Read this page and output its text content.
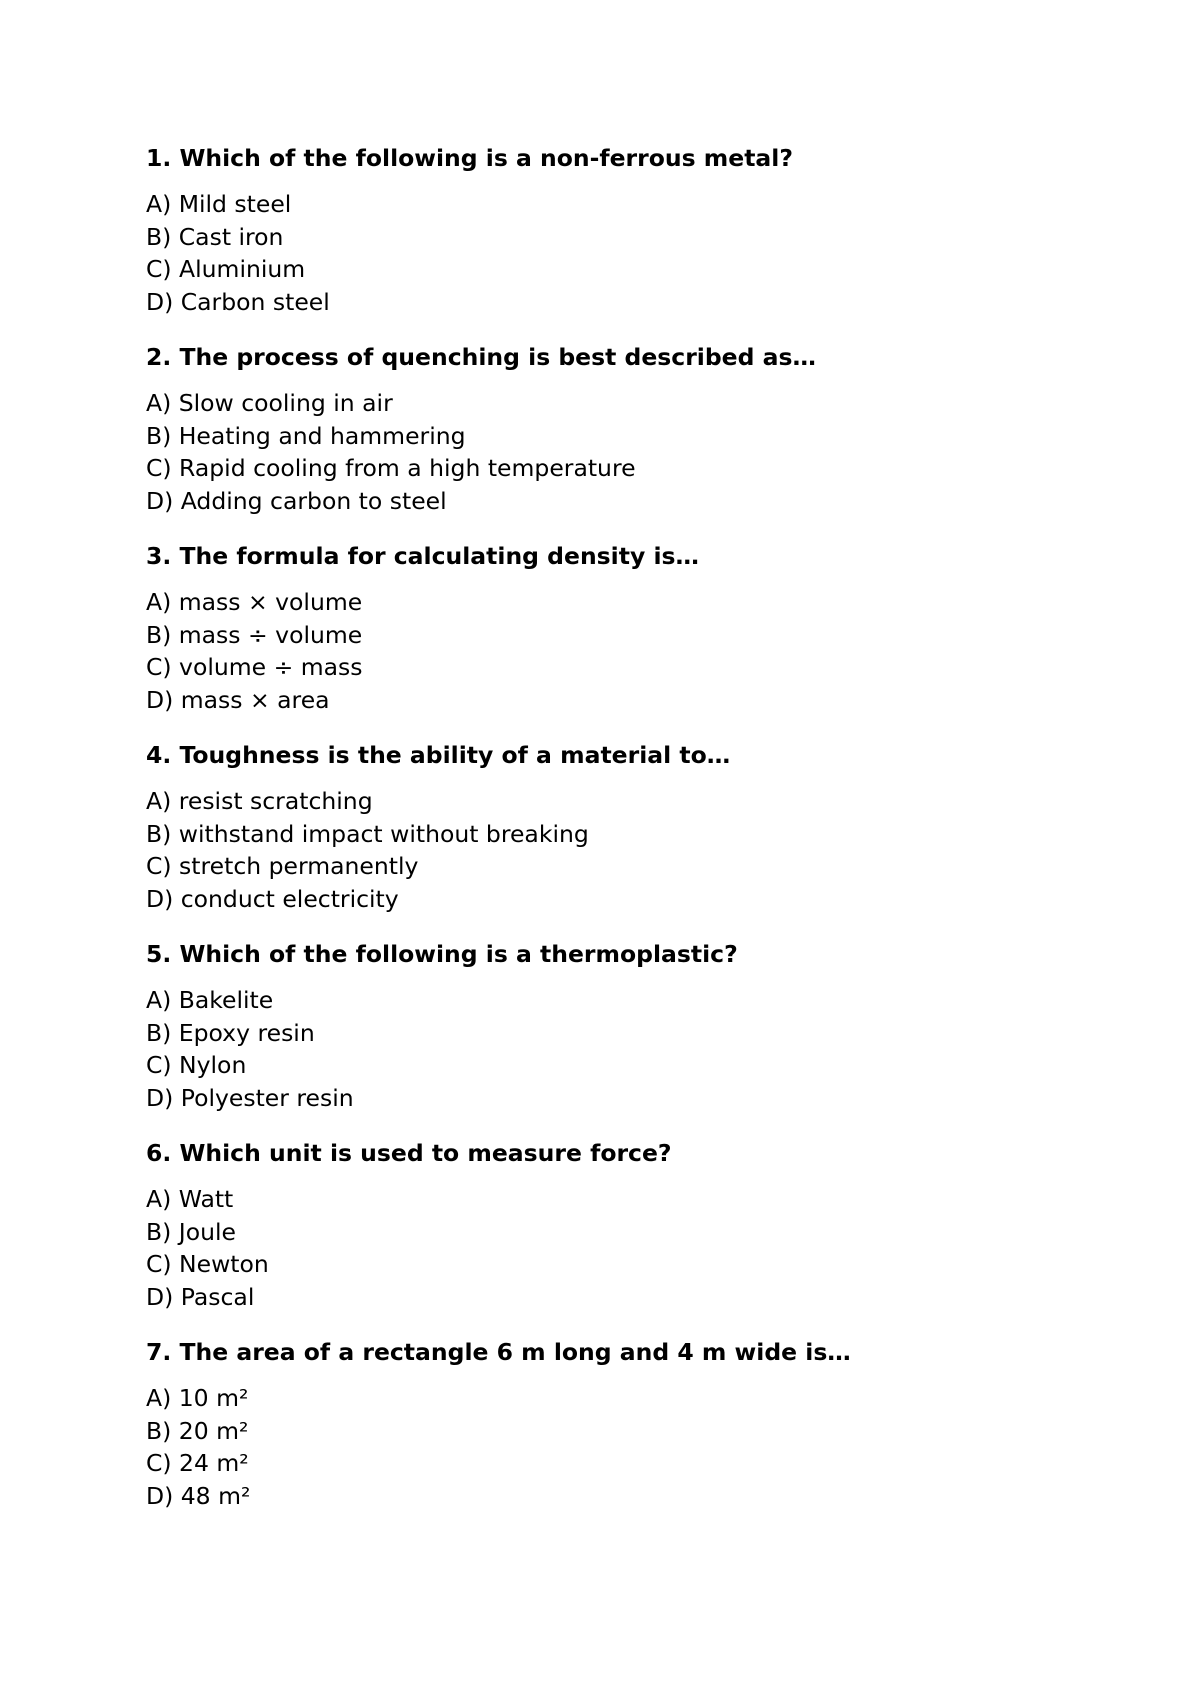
1. Which of the following is a non-ferrous metal?
A) Mild steel
B) Cast iron
C) Aluminium
D) Carbon steel
2. The process of quenching is best described as…
A) Slow cooling in air
B) Heating and hammering
C) Rapid cooling from a high temperature
D) Adding carbon to steel
3. The formula for calculating density is…
A) mass × volume
B) mass ÷ volume
C) volume ÷ mass
D) mass × area
4. Toughness is the ability of a material to…
A) resist scratching
B) withstand impact without breaking
C) stretch permanently
D) conduct electricity
5. Which of the following is a thermoplastic?
A) Bakelite
B) Epoxy resin
C) Nylon
D) Polyester resin
6. Which unit is used to measure force?
A) Watt
B) Joule
C) Newton
D) Pascal
7. The area of a rectangle 6 m long and 4 m wide is…
A) 10 m²
B) 20 m²
C) 24 m²
D) 48 m²
